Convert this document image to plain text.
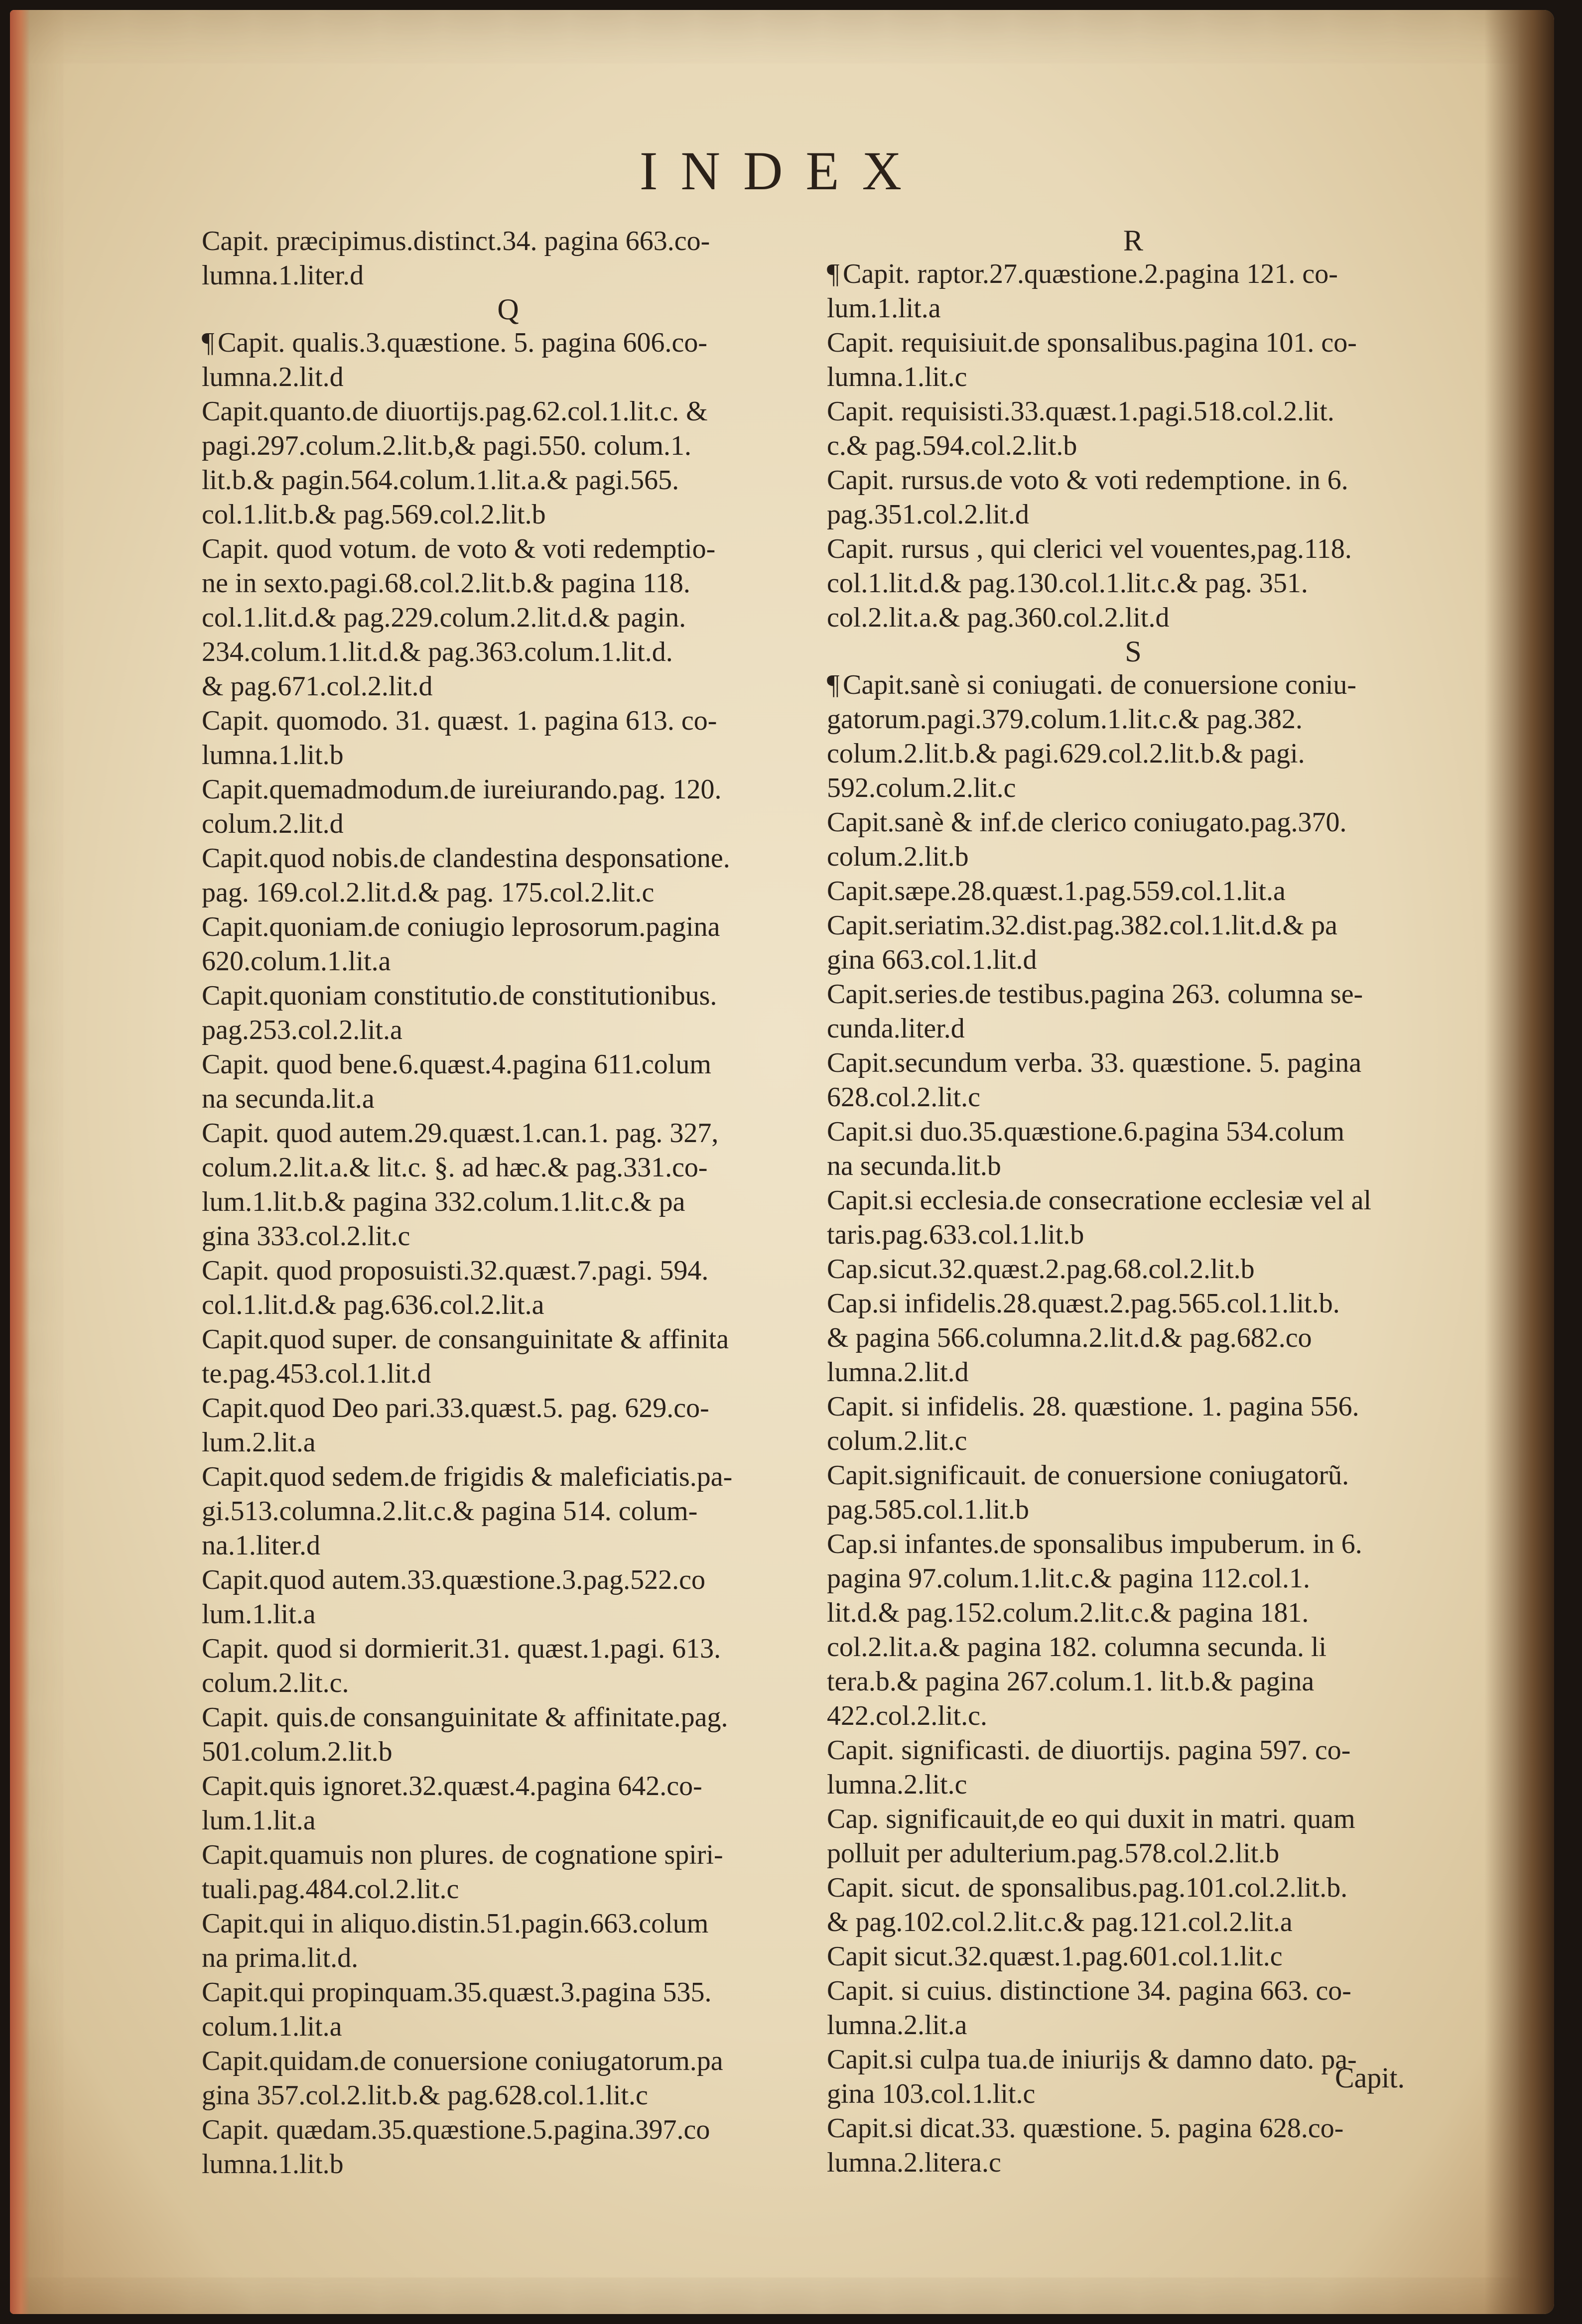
INDEX

Capit. præcipimus.distinct.34. pagina 663.co-

lumna.1.liter.d

Q

¶ Capit. qualis.3.quæstione. 5. pagina 606.co-

lumna.2.lit.d

Capit.quanto.de diuortijs.pag.62.col.1.lit.c. &

pagi.297.colum.2.lit.b,& pagi.550. colum.1.

lit.b.& pagin.564.colum.1.lit.a.& pagi.565.

col.1.lit.b.& pag.569.col.2.lit.b

Capit. quod votum. de voto & voti redemptio-

ne in sexto.pagi.68.col.2.lit.b.& pagina 118.

col.1.lit.d.& pag.229.colum.2.lit.d.& pagin.

234.colum.1.lit.d.& pag.363.colum.1.lit.d.

& pag.671.col.2.lit.d

Capit. quomodo. 31. quæst. 1. pagina 613. co-

lumna.1.lit.b

Capit.quemadmodum.de iureiurando.pag. 120.

colum.2.lit.d

Capit.quod nobis.de clandestina desponsatione.

pag. 169.col.2.lit.d.& pag. 175.col.2.lit.c

Capit.quoniam.de coniugio leprosorum.pagina

620.colum.1.lit.a

Capit.quoniam constitutio.de constitutionibus.

pag.253.col.2.lit.a

Capit. quod bene.6.quæst.4.pagina 611.colum

na secunda.lit.a

Capit. quod autem.29.quæst.1.can.1. pag. 327,

colum.2.lit.a.& lit.c. §. ad hæc.& pag.331.co-

lum.1.lit.b.& pagina 332.colum.1.lit.c.& pa

gina 333.col.2.lit.c

Capit. quod proposuisti.32.quæst.7.pagi. 594.

col.1.lit.d.& pag.636.col.2.lit.a

Capit.quod super. de consanguinitate & affinita

te.pag.453.col.1.lit.d

Capit.quod Deo pari.33.quæst.5. pag. 629.co-

lum.2.lit.a

Capit.quod sedem.de frigidis & maleficiatis.pa-

gi.513.columna.2.lit.c.& pagina 514. colum-

na.1.liter.d

Capit.quod autem.33.quæstione.3.pag.522.co

lum.1.lit.a

Capit. quod si dormierit.31. quæst.1.pagi. 613.

colum.2.lit.c.

Capit. quis.de consanguinitate & affinitate.pag.

501.colum.2.lit.b

Capit.quis ignoret.32.quæst.4.pagina 642.co-

lum.1.lit.a

Capit.quamuis non plures. de cognatione spiri-

tuali.pag.484.col.2.lit.c

Capit.qui in aliquo.distin.51.pagin.663.colum

na prima.lit.d.

Capit.qui propinquam.35.quæst.3.pagina 535.

colum.1.lit.a

Capit.quidam.de conuersione coniugatorum.pa

gina 357.col.2.lit.b.& pag.628.col.1.lit.c

Capit. quædam.35.quæstione.5.pagina.397.co

lumna.1.lit.b

R

¶ Capit. raptor.27.quæstione.2.pagina 121. co-

lum.1.lit.a

Capit. requisiuit.de sponsalibus.pagina 101. co-

lumna.1.lit.c

Capit. requisisti.33.quæst.1.pagi.518.col.2.lit.

c.& pag.594.col.2.lit.b

Capit. rursus.de voto & voti redemptione. in 6.

pag.351.col.2.lit.d

Capit. rursus , qui clerici vel vouentes,pag.118.

col.1.lit.d.& pag.130.col.1.lit.c.& pag. 351.

col.2.lit.a.& pag.360.col.2.lit.d

S

¶ Capit.sanè si coniugati. de conuersione coniu-

gatorum.pagi.379.colum.1.lit.c.& pag.382.

colum.2.lit.b.& pagi.629.col.2.lit.b.& pagi.

592.colum.2.lit.c

Capit.sanè & inf.de clerico coniugato.pag.370.

colum.2.lit.b

Capit.sæpe.28.quæst.1.pag.559.col.1.lit.a

Capit.seriatim.32.dist.pag.382.col.1.lit.d.& pa

gina 663.col.1.lit.d

Capit.series.de testibus.pagina 263. columna se-

cunda.liter.d

Capit.secundum verba. 33. quæstione. 5. pagina

628.col.2.lit.c

Capit.si duo.35.quæstione.6.pagina 534.colum

na secunda.lit.b

Capit.si ecclesia.de consecratione ecclesiæ vel al

taris.pag.633.col.1.lit.b

Cap.sicut.32.quæst.2.pag.68.col.2.lit.b

Cap.si infidelis.28.quæst.2.pag.565.col.1.lit.b.

& pagina 566.columna.2.lit.d.& pag.682.co

lumna.2.lit.d

Capit. si infidelis. 28. quæstione. 1. pagina 556.

colum.2.lit.c

Capit.significauit. de conuersione coniugatorũ.

pag.585.col.1.lit.b

Cap.si infantes.de sponsalibus impuberum. in 6.

pagina 97.colum.1.lit.c.& pagina 112.col.1.

lit.d.& pag.152.colum.2.lit.c.& pagina 181.

col.2.lit.a.& pagina 182. columna secunda. li

tera.b.& pagina 267.colum.1. lit.b.& pagina

422.col.2.lit.c.

Capit. significasti. de diuortijs. pagina 597. co-

lumna.2.lit.c

Cap. significauit,de eo qui duxit in matri. quam

polluit per adulterium.pag.578.col.2.lit.b

Capit. sicut. de sponsalibus.pag.101.col.2.lit.b.

& pag.102.col.2.lit.c.& pag.121.col.2.lit.a

Capit sicut.32.quæst.1.pag.601.col.1.lit.c

Capit. si cuius. distinctione 34. pagina 663. co-

lumna.2.lit.a

Capit.si culpa tua.de iniurijs & damno dato. pa-

gina 103.col.1.lit.c

Capit.si dicat.33. quæstione. 5. pagina 628.co-

lumna.2.litera.c

Capit.
